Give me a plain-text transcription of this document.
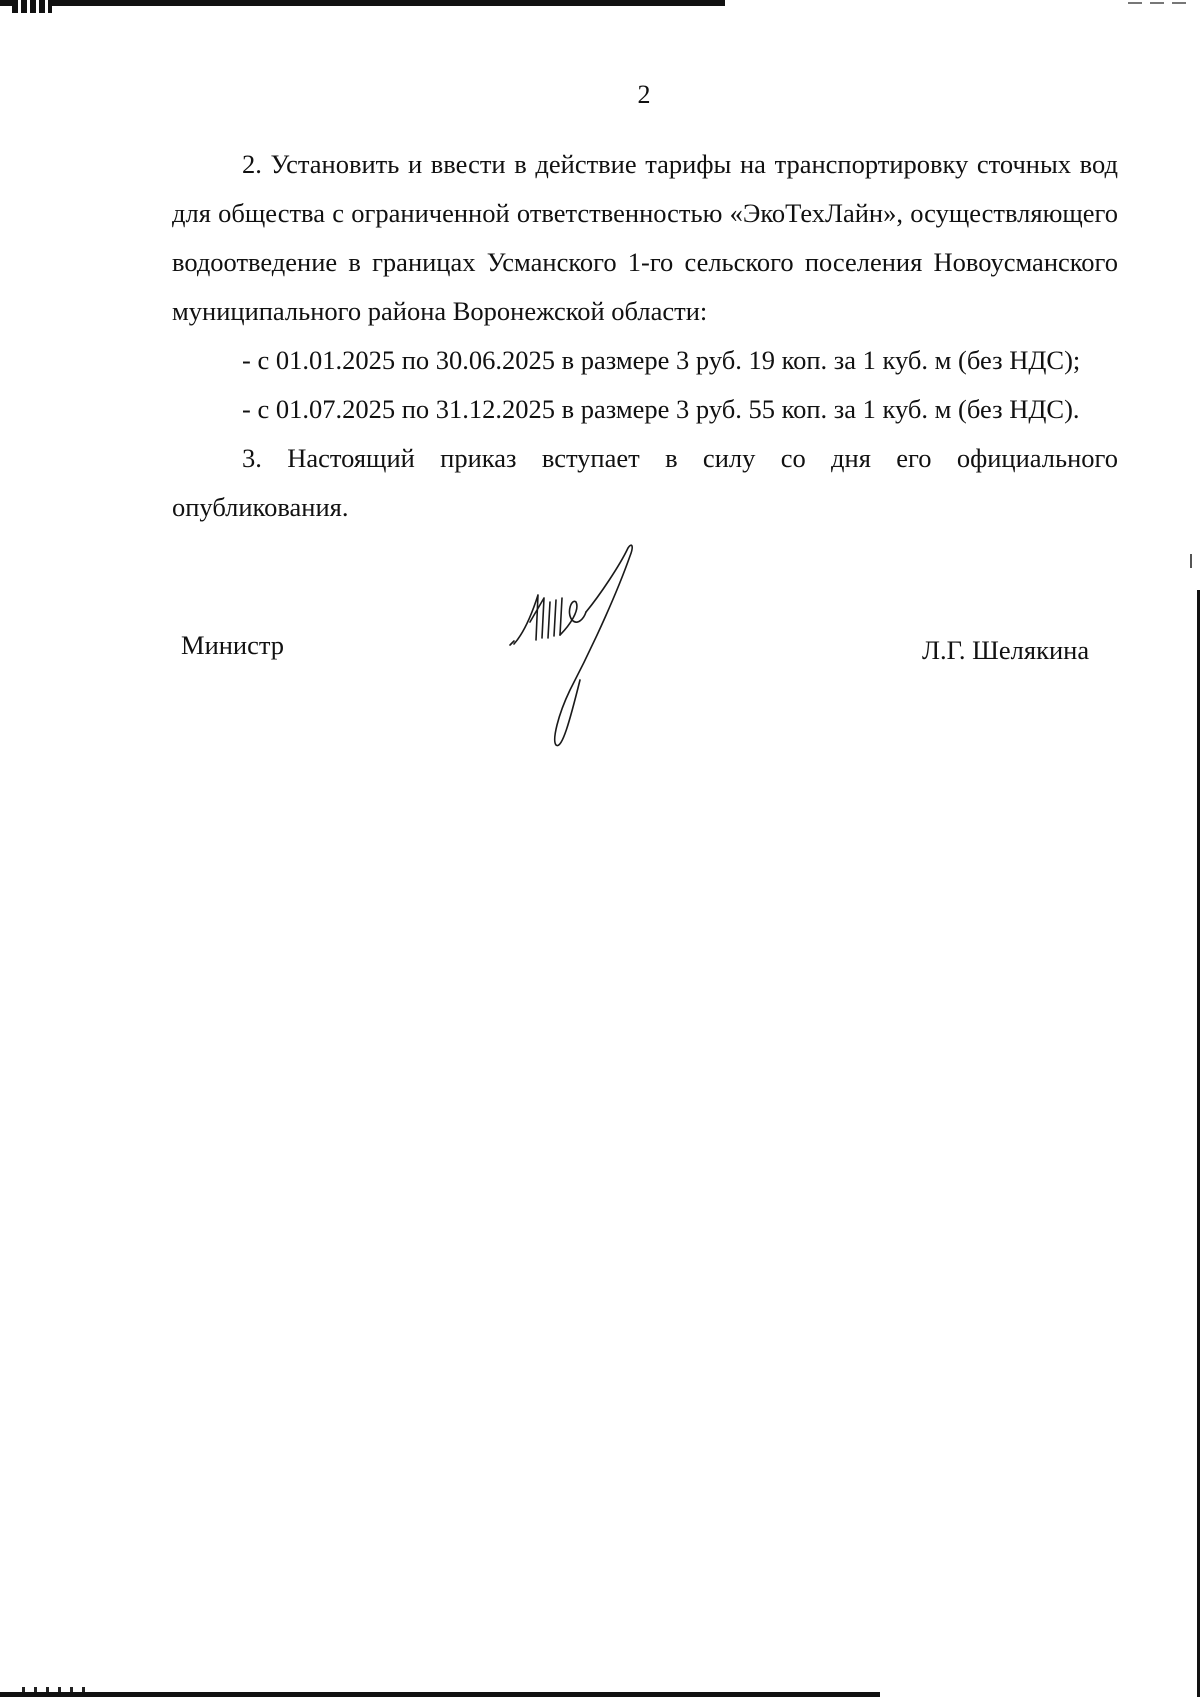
2

2. Установить и ввести в действие тарифы на транспортировку сточных вод для общества с ограниченной ответственностью «ЭкоТехЛайн», осуществляющего водоотведение в границах Усманского 1-го сельского поселения Новоусманского муниципального района Воронежской области:

- с 01.01.2025 по 30.06.2025 в размере 3 руб. 19 коп. за 1 куб. м (без НДС);

- с 01.07.2025 по 31.12.2025 в размере 3 руб. 55 коп. за 1 куб. м (без НДС).

3. Настоящий приказ вступает в силу со дня его официального опубликования.

Министр	Л.Г. Шелякина
